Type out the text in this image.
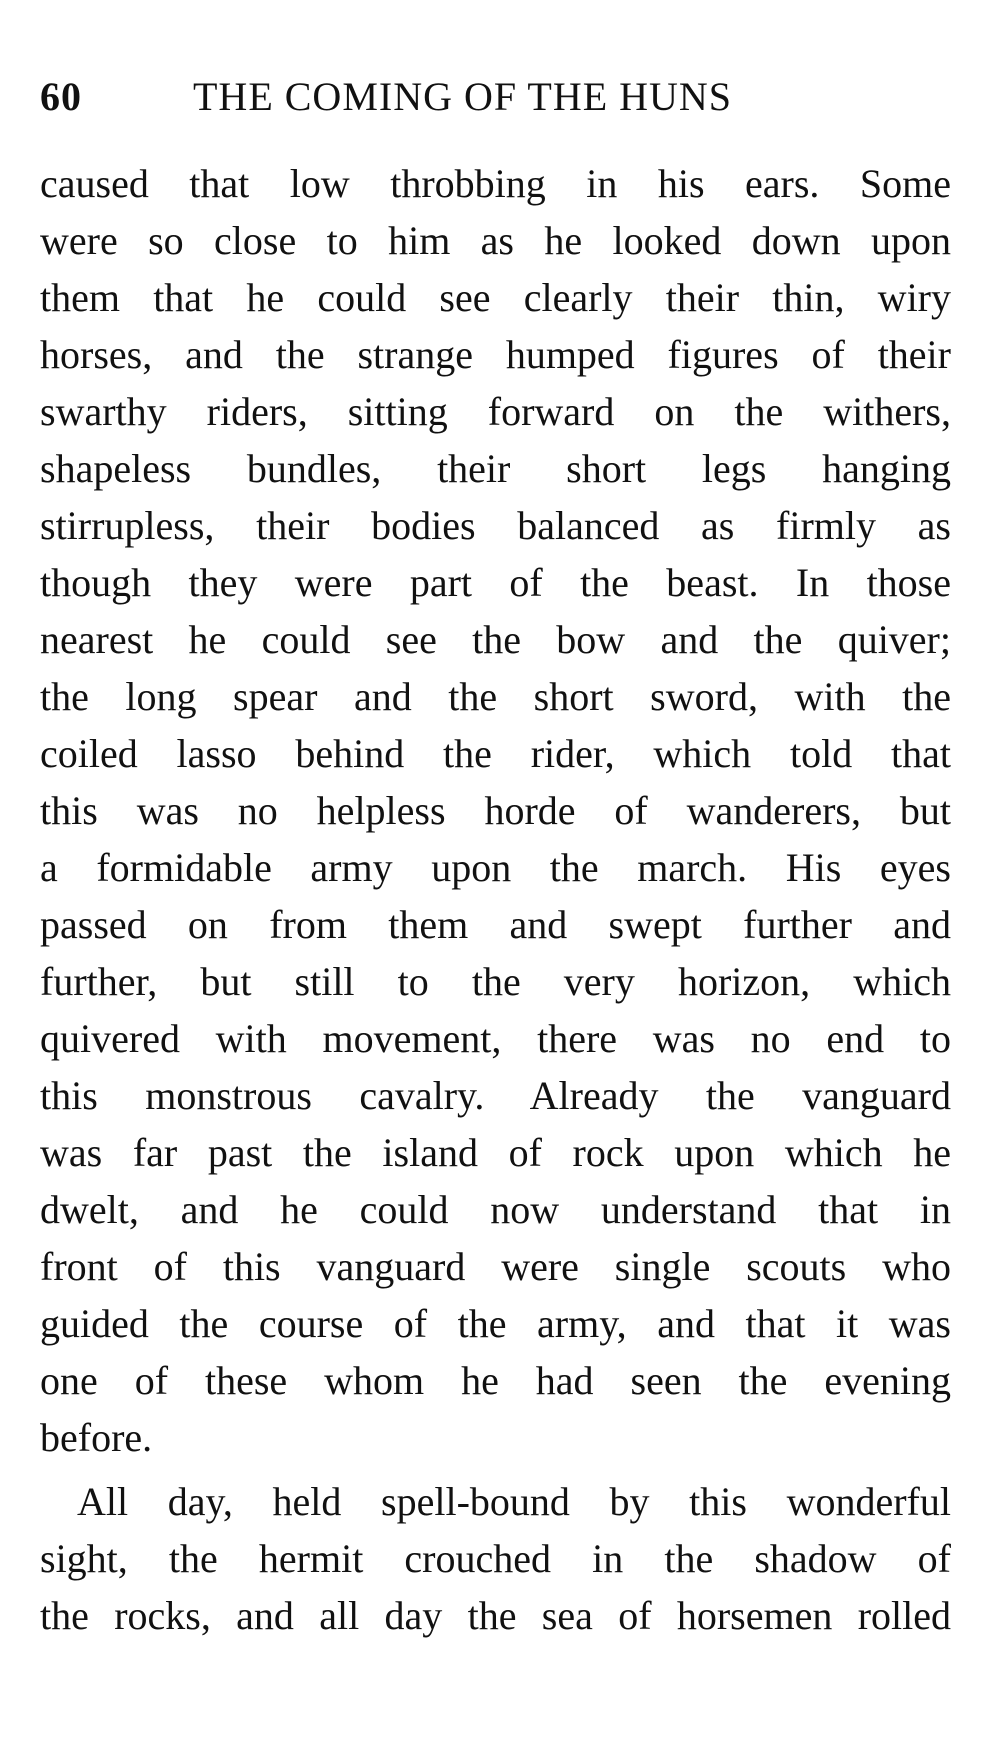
60	THE COMING OF THE HUNS
caused that low throbbing in his ears. Some
were so close to him as he looked down upon
them that he could see clearly their thin, wiry
horses, and the strange humped figures of their
swarthy riders, sitting forward on the withers,
shapeless bundles, their short legs hanging
stirrupless, their bodies balanced as firmly as
though they were part of the beast. In those
nearest he could see the bow and the quiver;
the long spear and the short sword, with the
coiled lasso behind the rider, which told that
this was no helpless horde of wanderers, but
a formidable army upon the march. His eyes
passed on from them and swept further and
further, but still to the very horizon, which
quivered with movement, there was no end to
this monstrous cavalry. Already the vanguard
was far past the island of rock upon which he
dwelt, and he could now understand that in
front of this vanguard were single scouts who
guided the course of the army, and that it was
one of these whom he had seen the evening
before.
All day, held spell-bound by this wonderful
sight, the hermit crouched in the shadow of
the rocks, and all day the sea of horsemen rolled
